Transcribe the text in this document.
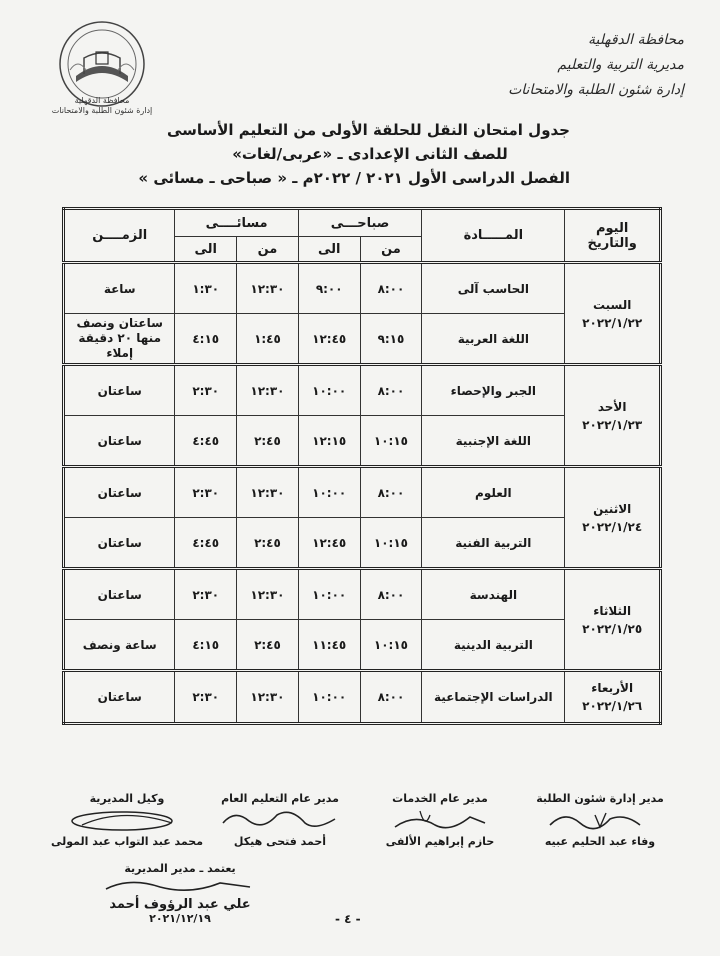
محافظة الدقهلية
إدارة شئون الطلبة والامتحانات
محافظة الدقهلية
مديرية التربية والتعليم
إدارة شئون الطلبة والامتحانات
جدول امتحان النقل للحلقة الأولى من التعليم الأساسى
للصف الثانى الإعدادى ـ «عربى/لغات»
الفصل الدراسى الأول ٢٠٢١ / ٢٠٢٢م ـ « صباحى ـ مسائى »
اليوم والتاريخ	المـــــادة	صباحـــى		مسائــــى		الزمــــن
		من	الى	من	الى	

السبت
٢٠٢٢/١/٢٢	الحاسب آلى	٨:٠٠	٩:٠٠	١٢:٣٠	١:٣٠	ساعة
	اللغة العربية	٩:١٥	١٢:٤٥	١:٤٥	٤:١٥	ساعتان ونصف
منها ٢٠ دقيقة إملاء

الأحد
٢٠٢٢/١/٢٣	الجبر والإحصاء	٨:٠٠	١٠:٠٠	١٢:٣٠	٢:٣٠	ساعتان
	اللغة الإجنبية	١٠:١٥	١٢:١٥	٢:٤٥	٤:٤٥	ساعتان

الاثنين
٢٠٢٢/١/٢٤	العلوم	٨:٠٠	١٠:٠٠	١٢:٣٠	٢:٣٠	ساعتان
	التربية الفنية	١٠:١٥	١٢:٤٥	٢:٤٥	٤:٤٥	ساعتان

الثلاثاء
٢٠٢٢/١/٢٥	الهندسة	٨:٠٠	١٠:٠٠	١٢:٣٠	٢:٣٠	ساعتان
	التربية الدينية	١٠:١٥	١١:٤٥	٢:٤٥	٤:١٥	ساعة ونصف

الأربعاء
٢٠٢٢/١/٢٦	الدراسات الإجتماعية	٨:٠٠	١٠:٠٠	١٢:٣٠	٢:٣٠	ساعتان
مدير إدارة شئون الطلبة
وفاء عبد الحليم عبيه
مدير عام الخدمات
حازم إبراهيم الألفى
مدير عام التعليم العام
أحمد فتحى هيكل
وكيل المديرية
محمد عبد التواب عبد المولى
يعتمد ـ مدير المديرية
علي عبد الرؤوف أحمد
٢٠٢١/١٢/١٩	- ٤ -
